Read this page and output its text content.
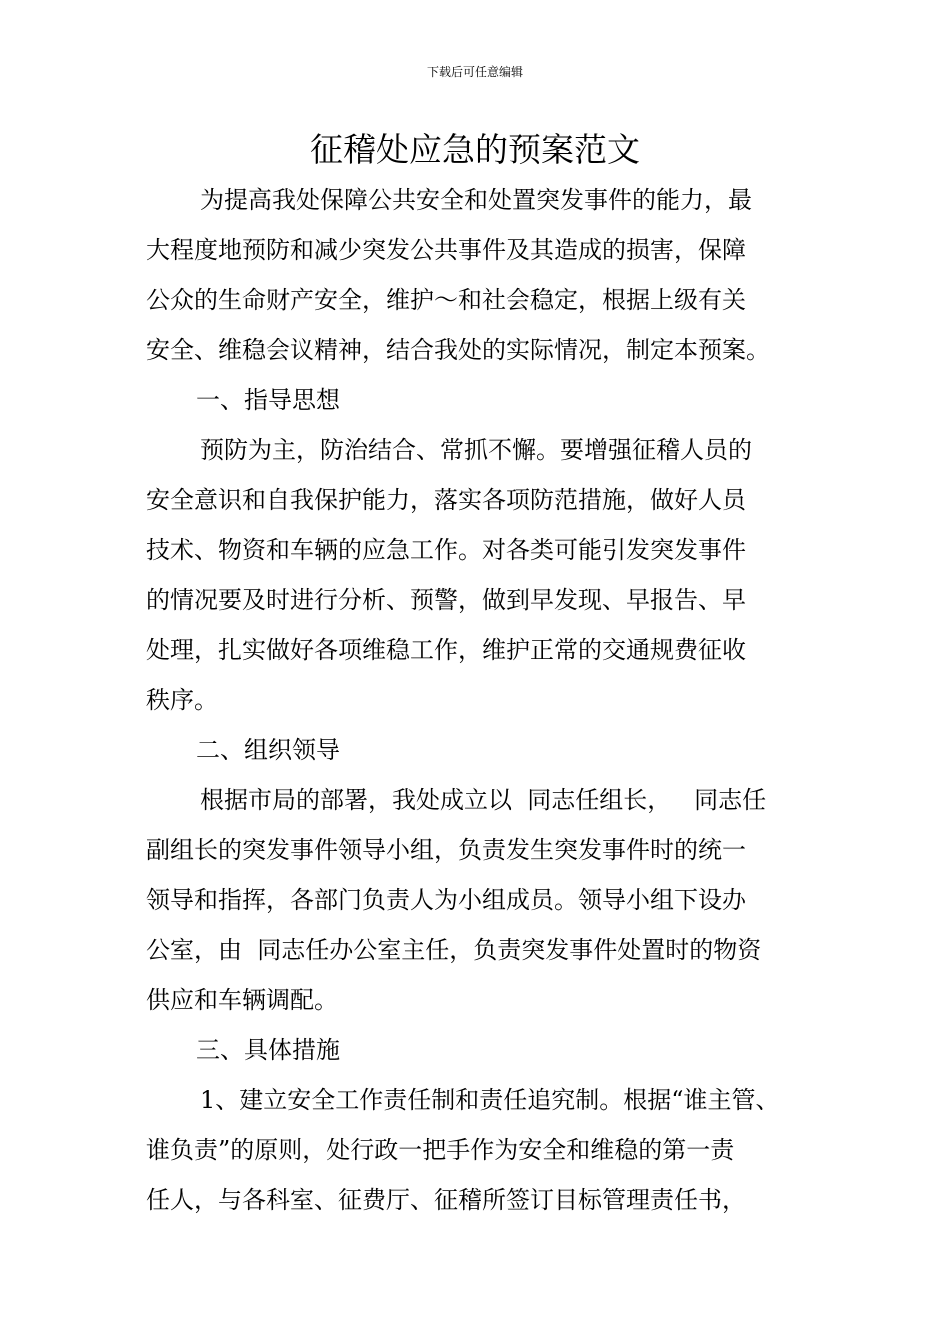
下载后可任意编辑
征稽处应急的预案范文
为提高我处保障公共安全和处置突发事件的能力，最
大程度地预防和减少突发公共事件及其造成的损害，保障
公众的生命财产安全，维护～和社会稳定，根据上级有关
安全、维稳会议精神，结合我处的实际情况，制定本预案。
一、指导思想
预防为主，防治结合、常抓不懈。要增强征稽人员的
安全意识和自我保护能力，落实各项防范措施，做好人员
技术、物资和车辆的应急工作。对各类可能引发突发事件
的情况要及时进行分析、预警，做到早发现、早报告、早
处理，扎实做好各项维稳工作，维护正常的交通规费征收
秩序。
二、组织领导
根据市局的部署，我处成立以  同志任组长，   同志任
副组长的突发事件领导小组，负责发生突发事件时的统一
领导和指挥，各部门负责人为小组成员。领导小组下设办
公室，由  同志任办公室主任，负责突发事件处置时的物资
供应和车辆调配。
三、具体措施
1、建立安全工作责任制和责任追究制。根据“谁主管、
谁负责”的原则，处行政一把手作为安全和维稳的第一责
任人，与各科室、征费厅、征稽所签订目标管理责任书，
